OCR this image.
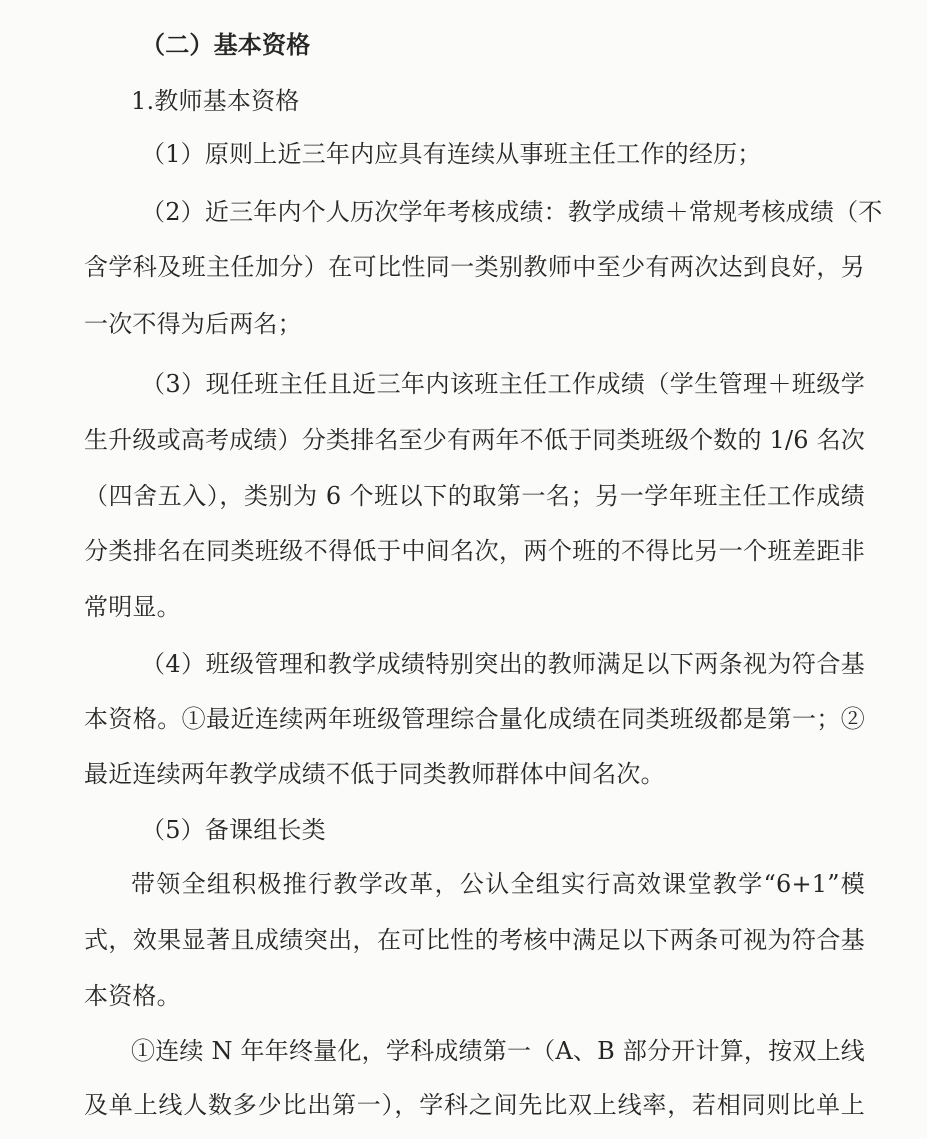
（二）基本资格
1.教师基本资格
（1）原则上近三年内应具有连续从事班主任工作的经历；
（2）近三年内个人历次学年考核成绩：教学成绩＋常规考核成绩（不
含学科及班主任加分）在可比性同一类别教师中至少有两次达到良好，另
一次不得为后两名；
（3）现任班主任且近三年内该班主任工作成绩（学生管理＋班级学
生升级或高考成绩）分类排名至少有两年不低于同类班级个数的 1/6 名次
（四舍五入），类别为 6 个班以下的取第一名；另一学年班主任工作成绩
分类排名在同类班级不得低于中间名次，两个班的不得比另一个班差距非
常明显。
（4）班级管理和教学成绩特别突出的教师满足以下两条视为符合基
本资格。①最近连续两年班级管理综合量化成绩在同类班级都是第一；②
最近连续两年教学成绩不低于同类教师群体中间名次。
（5）备课组长类
带领全组积极推行教学改革，公认全组实行高效课堂教学“6+1”模
式，效果显著且成绩突出，在可比性的考核中满足以下两条可视为符合基
本资格。
①连续 N 年年终量化，学科成绩第一（A、B 部分开计算，按双上线
及单上线人数多少比出第一），学科之间先比双上线率，若相同则比单上
